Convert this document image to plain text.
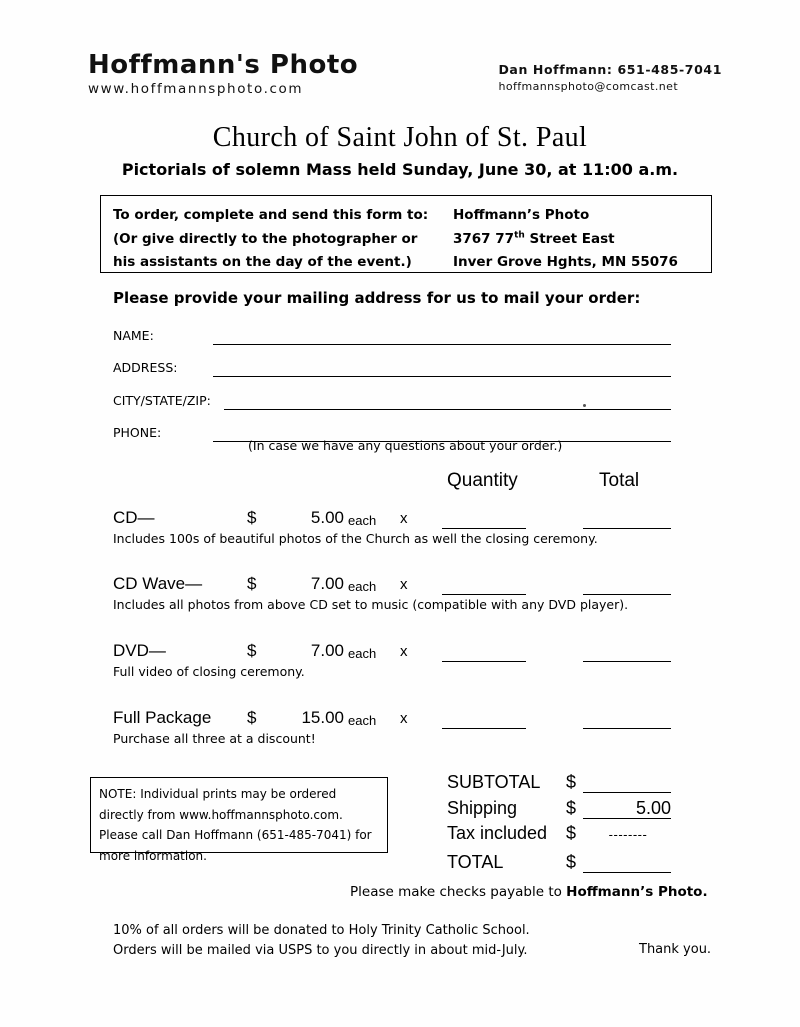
Hoffmann's Photo
www.hoffmannsphoto.com
Dan Hoffmann: 651-485-7041
hoffmannsphoto@comcast.net
Church of Saint John of St. Paul
Pictorials of solemn Mass held Sunday, June 30, at 11:00 a.m.
To order, complete and send this form to:
(Or give directly to the photographer or
his assistants on the day of the event.)
Hoffmann’s Photo
3767 77th Street East
Inver Grove Hghts, MN 55076
Please provide your mailing address for us to mail your order:
NAME:
ADDRESS:
CITY/STATE/ZIP:
PHONE:
(In case we have any questions about your order.)
Quantity	Total
CD—	$	5.00 each x
Includes 100s of beautiful photos of the Church as well the closing ceremony.
CD Wave—	$	7.00 each x
Includes all photos from above CD set to music (compatible with any DVD player).
DVD—	$	7.00 each x
Full video of closing ceremony.
Full Package $	15.00 each x
Purchase all three at a discount!
NOTE: Individual prints may be ordered directly from www.hoffmannsphoto.com. Please call Dan Hoffmann (651-485-7041) for more information.
SUBTOTAL $
Shipping	$	5.00
Tax included $	--------
TOTAL	$
Please make checks payable to Hoffmann’s Photo.
10% of all orders will be donated to Holy Trinity Catholic School.
Orders will be mailed via USPS to you directly in about mid-July.	Thank you.
